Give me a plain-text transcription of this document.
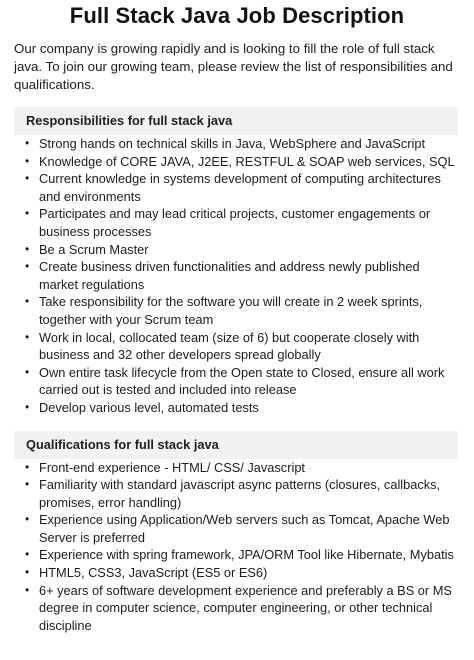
Full Stack Java Job Description

Our company is growing rapidly and is looking to fill the role of full stack java. To join our growing team, please review the list of responsibilities and qualifications.

Responsibilities for full stack java
• Strong hands on technical skills in Java, WebSphere and JavaScript
• Knowledge of CORE JAVA, J2EE, RESTFUL & SOAP web services, SQL
• Current knowledge in systems development of computing architectures and environments
• Participates and may lead critical projects, customer engagements or business processes
• Be a Scrum Master
• Create business driven functionalities and address newly published market regulations
• Take responsibility for the software you will create in 2 week sprints, together with your Scrum team
• Work in local, collocated team (size of 6) but cooperate closely with business and 32 other developers spread globally
• Own entire task lifecycle from the Open state to Closed, ensure all work carried out is tested and included into release
• Develop various level, automated tests
Qualifications for full stack java
• Front-end experience - HTML/ CSS/ Javascript
• Familiarity with standard javascript async patterns (closures, callbacks, promises, error handling)
• Experience using Application/Web servers such as Tomcat, Apache Web Server is preferred
• Experience with spring framework, JPA/ORM Tool like Hibernate, Mybatis
• HTML5, CSS3, JavaScript (ES5 or ES6)
• 6+ years of software development experience and preferably a BS or MS degree in computer science, computer engineering, or other technical discipline
